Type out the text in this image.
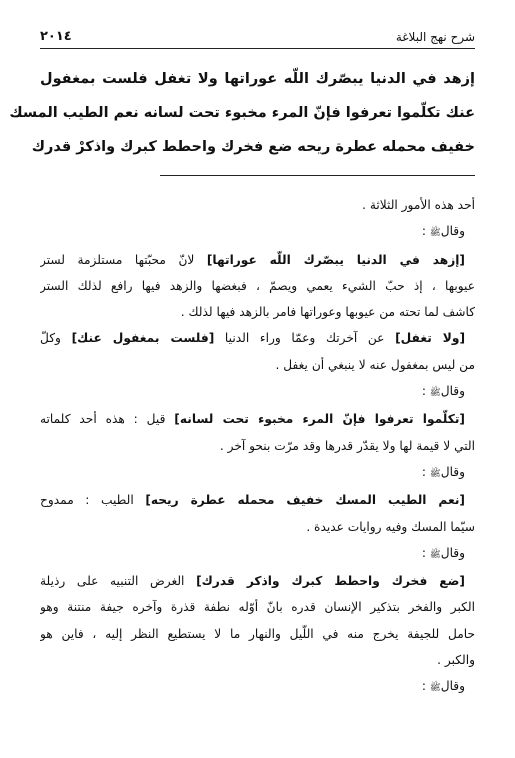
شرح نهج البلاغة
٢٠١٤
إزهد في الدنيا يبصّرك اللّه عوراتها ولا تغفل فلست بمغفول
عنك تكلّموا تعرفوا فإنّ المرء مخبوء تحت لسانه نعم الطيب المسك
خفيف محمله عطرة ريحه ضع فخرك واحطط كبرك واذكرْ قدرك
أحد هذه الأمور الثلاثة .
وقالﷺ :
[إزهد في الدنيا يبصّرك اللّه عوراتها] لانّ محبّتها مستلزمة لستر
عيوبها ، إذ حبّ الشيء يعمي ويصمّ ، فبغضها والزهد فيها رافع لذلك الستر
كاشف لما تحته من عيوبها وعوراتها فامر بالزهد فيها لذلك .
[ولا تغفل] عن آخرتك وعمّا وراء الدنيا [فلست بمغفول عنك] وكلّ
من ليس بمغفول عنه لا ينبغي أن يغفل .
وقالﷺ :
[تكلّموا تعرفوا فإنّ المرء مخبوء تحت لسانه] قيل : هذه أحد كلماته
التي لا قيمة لها ولا يقدّر قدرها وقد مرّت بنحو آخر .
وقالﷺ :
[نعم الطيب المسك خفيف محمله عطرة ريحه] الطيب : ممدوح
سيّما المسك وفيه روايات عديدة .
وقالﷺ :
[ضع فخرك واحطط كبرك واذكر قدرك] الغرض التنبيه على رذيلة
الكبر والفخر بتذكير الإنسان قدره بانّ أوّله نطفة قذرة وآخره جيفة منتنة وهو
حامل للجيفة يخرج منه في اللّيل والنهار ما لا يستطيع النظر إليه ، فاين هو
والكبر .
وقالﷺ :
